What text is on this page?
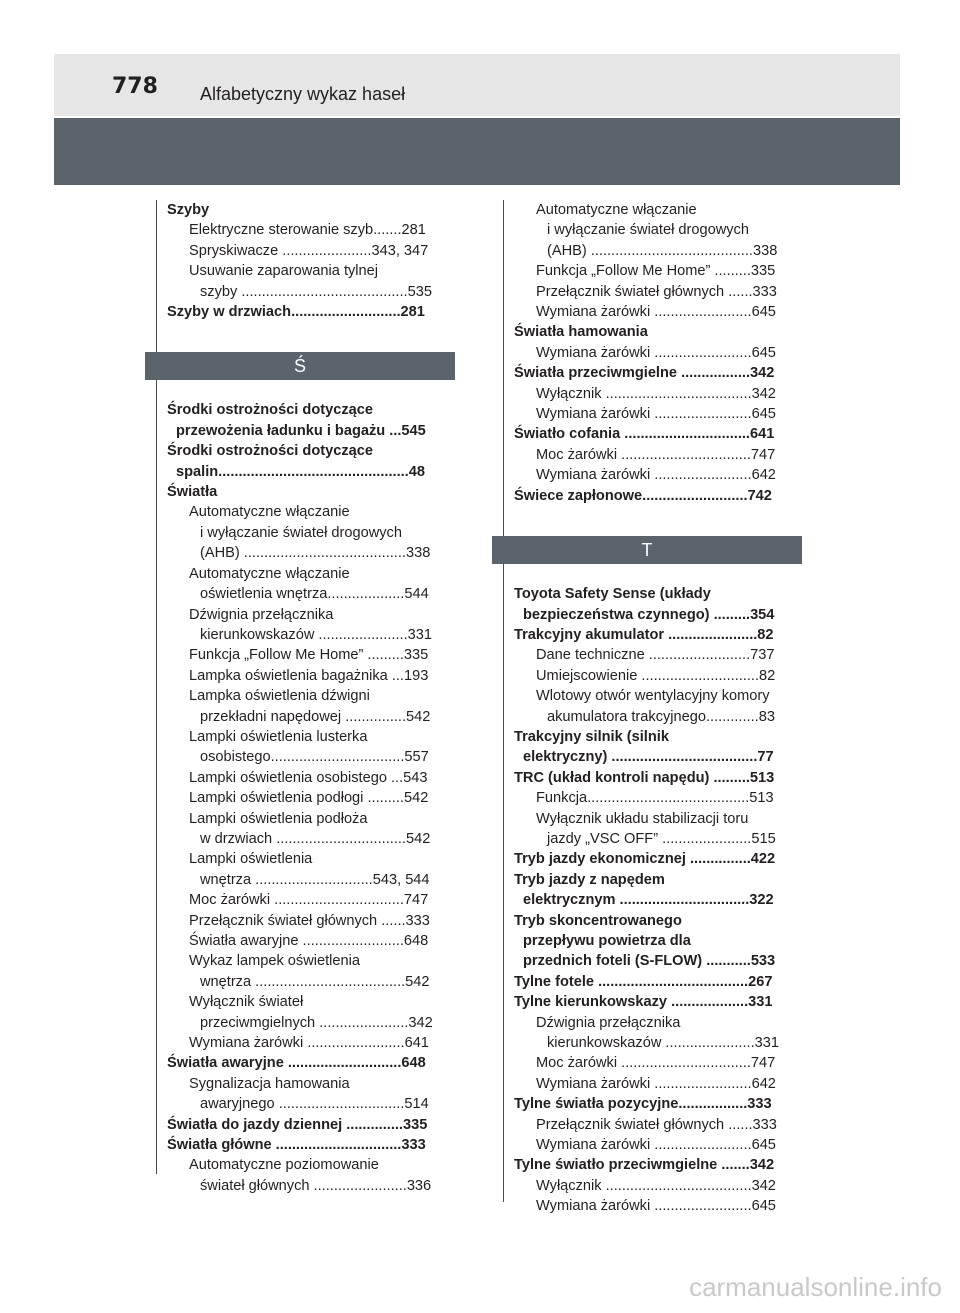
778 Alfabetyczny wykaz haseł
Szyby
Elektryczne sterowanie szyb.......281
Spryskiwacze ......................343, 347
Usuwanie zaparowania tylnej
szyby .........................................535
Szyby w drzwiach...........................281
Ś
Środki ostrożności dotyczące
przewożenia ładunku i bagażu ...545
Środki ostrożności dotyczące
spalin...............................................48
Światła
Automatyczne włączanie
i wyłączanie świateł drogowych
(AHB) ........................................338
Automatyczne włączanie
oświetlenia wnętrza...................544
Dźwignia przełącznika
kierunkowskazów ......................331
Funkcja „Follow Me Home” .........335
Lampka oświetlenia bagażnika ...193
Lampka oświetlenia dźwigni
przekładni napędowej ...............542
Lampki oświetlenia lusterka
osobistego.................................557
Lampki oświetlenia osobistego ...543
Lampki oświetlenia podłogi .........542
Lampki oświetlenia podłoża
w drzwiach ................................542
Lampki oświetlenia
wnętrza .............................543, 544
Moc żarówki ................................747
Przełącznik świateł głównych ......333
Światła awaryjne .........................648
Wykaz lampek oświetlenia
wnętrza .....................................542
Wyłącznik świateł
przeciwmgielnych ......................342
Wymiana żarówki ........................641
Światła awaryjne ............................648
Sygnalizacja hamowania
awaryjnego ...............................514
Światła do jazdy dziennej ..............335
Światła główne ...............................333
Automatyczne poziomowanie
świateł głównych .......................336
Automatyczne włączanie
i wyłączanie świateł drogowych
(AHB) ........................................338
Funkcja „Follow Me Home” .........335
Przełącznik świateł głównych ......333
Wymiana żarówki ........................645
Światła hamowania
Wymiana żarówki ........................645
Światła przeciwmgielne .................342
Wyłącznik ....................................342
Wymiana żarówki ........................645
Światło cofania ...............................641
Moc żarówki ................................747
Wymiana żarówki ........................642
Świece zapłonowe..........................742
T
Toyota Safety Sense (układy
bezpieczeństwa czynnego) .........354
Trakcyjny akumulator ......................82
Dane techniczne .........................737
Umiejscowienie .............................82
Wlotowy otwór wentylacyjny komory
akumulatora trakcyjnego.............83
Trakcyjny silnik (silnik
elektryczny) ....................................77
TRC (układ kontroli napędu) .........513
Funkcja........................................513
Wyłącznik układu stabilizacji toru
jazdy „VSC OFF” ......................515
Tryb jazdy ekonomicznej ...............422
Tryb jazdy z napędem
elektrycznym ................................322
Tryb skoncentrowanego
przepływu powietrza dla
przednich foteli (S-FLOW) ...........533
Tylne fotele .....................................267
Tylne kierunkowskazy ...................331
Dźwignia przełącznika
kierunkowskazów ......................331
Moc żarówki ................................747
Wymiana żarówki ........................642
Tylne światła pozycyjne.................333
Przełącznik świateł głównych ......333
Wymiana żarówki ........................645
Tylne światło przeciwmgielne .......342
Wyłącznik ....................................342
Wymiana żarówki ........................645
carmanualsonline.info
